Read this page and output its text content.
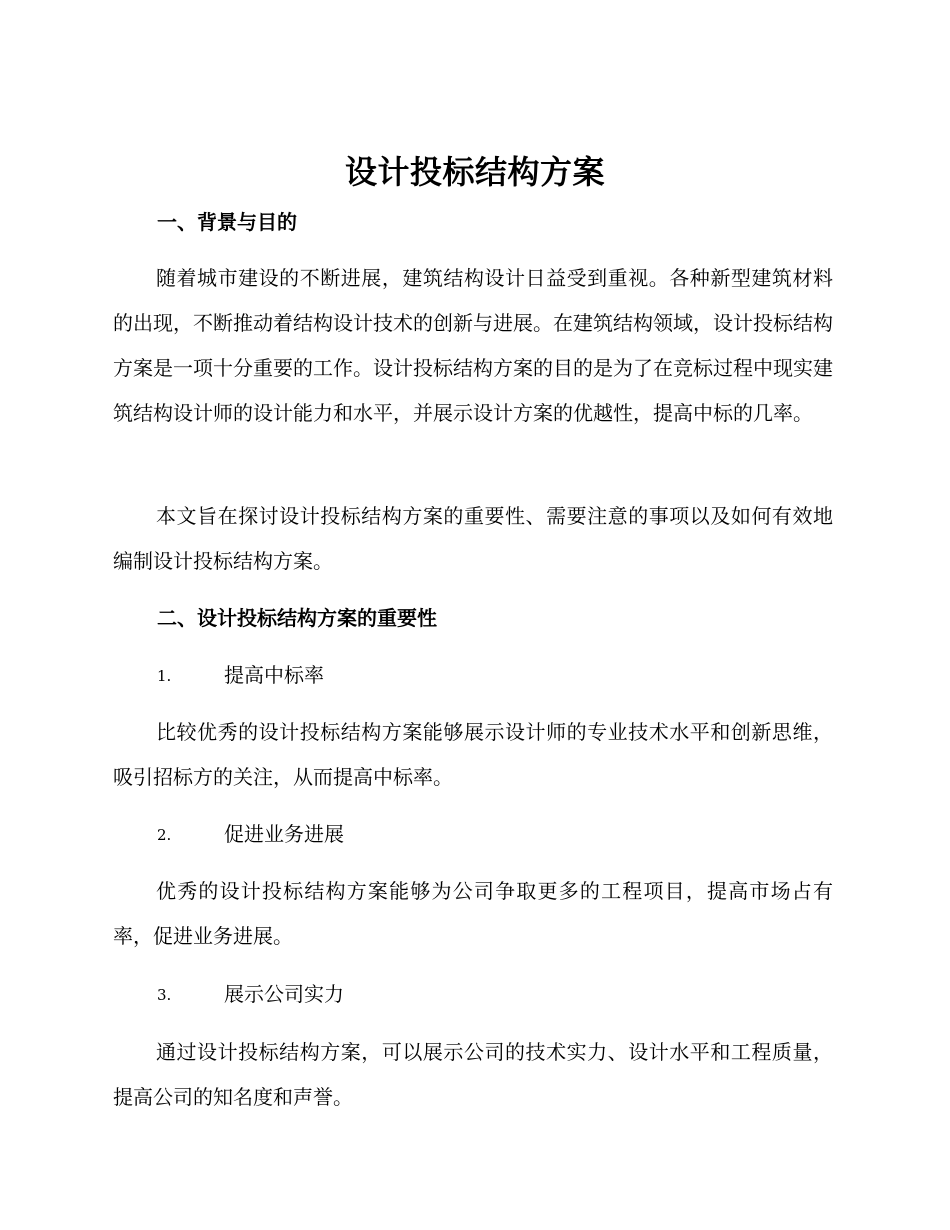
设计投标结构方案
一、背景与目的

随着城市建设的不断进展，建筑结构设计日益受到重视。各种新型建筑材料的出现，不断推动着结构设计技术的创新与进展。在建筑结构领域，设计投标结构方案是一项十分重要的工作。设计投标结构方案的目的是为了在竞标过程中现实建筑结构设计师的设计能力和水平，并展示设计方案的优越性，提高中标的几率。

本文旨在探讨设计投标结构方案的重要性、需要注意的事项以及如何有效地编制设计投标结构方案。

二、设计投标结构方案的重要性
1.	提高中标率

比较优秀的设计投标结构方案能够展示设计师的专业技术水平和创新思维，吸引招标方的关注，从而提高中标率。

2.	促进业务进展

优秀的设计投标结构方案能够为公司争取更多的工程项目，提高市场占有率，促进业务进展。

3.	展示公司实力

通过设计投标结构方案，可以展示公司的技术实力、设计水平和工程质量，提高公司的知名度和声誉。
